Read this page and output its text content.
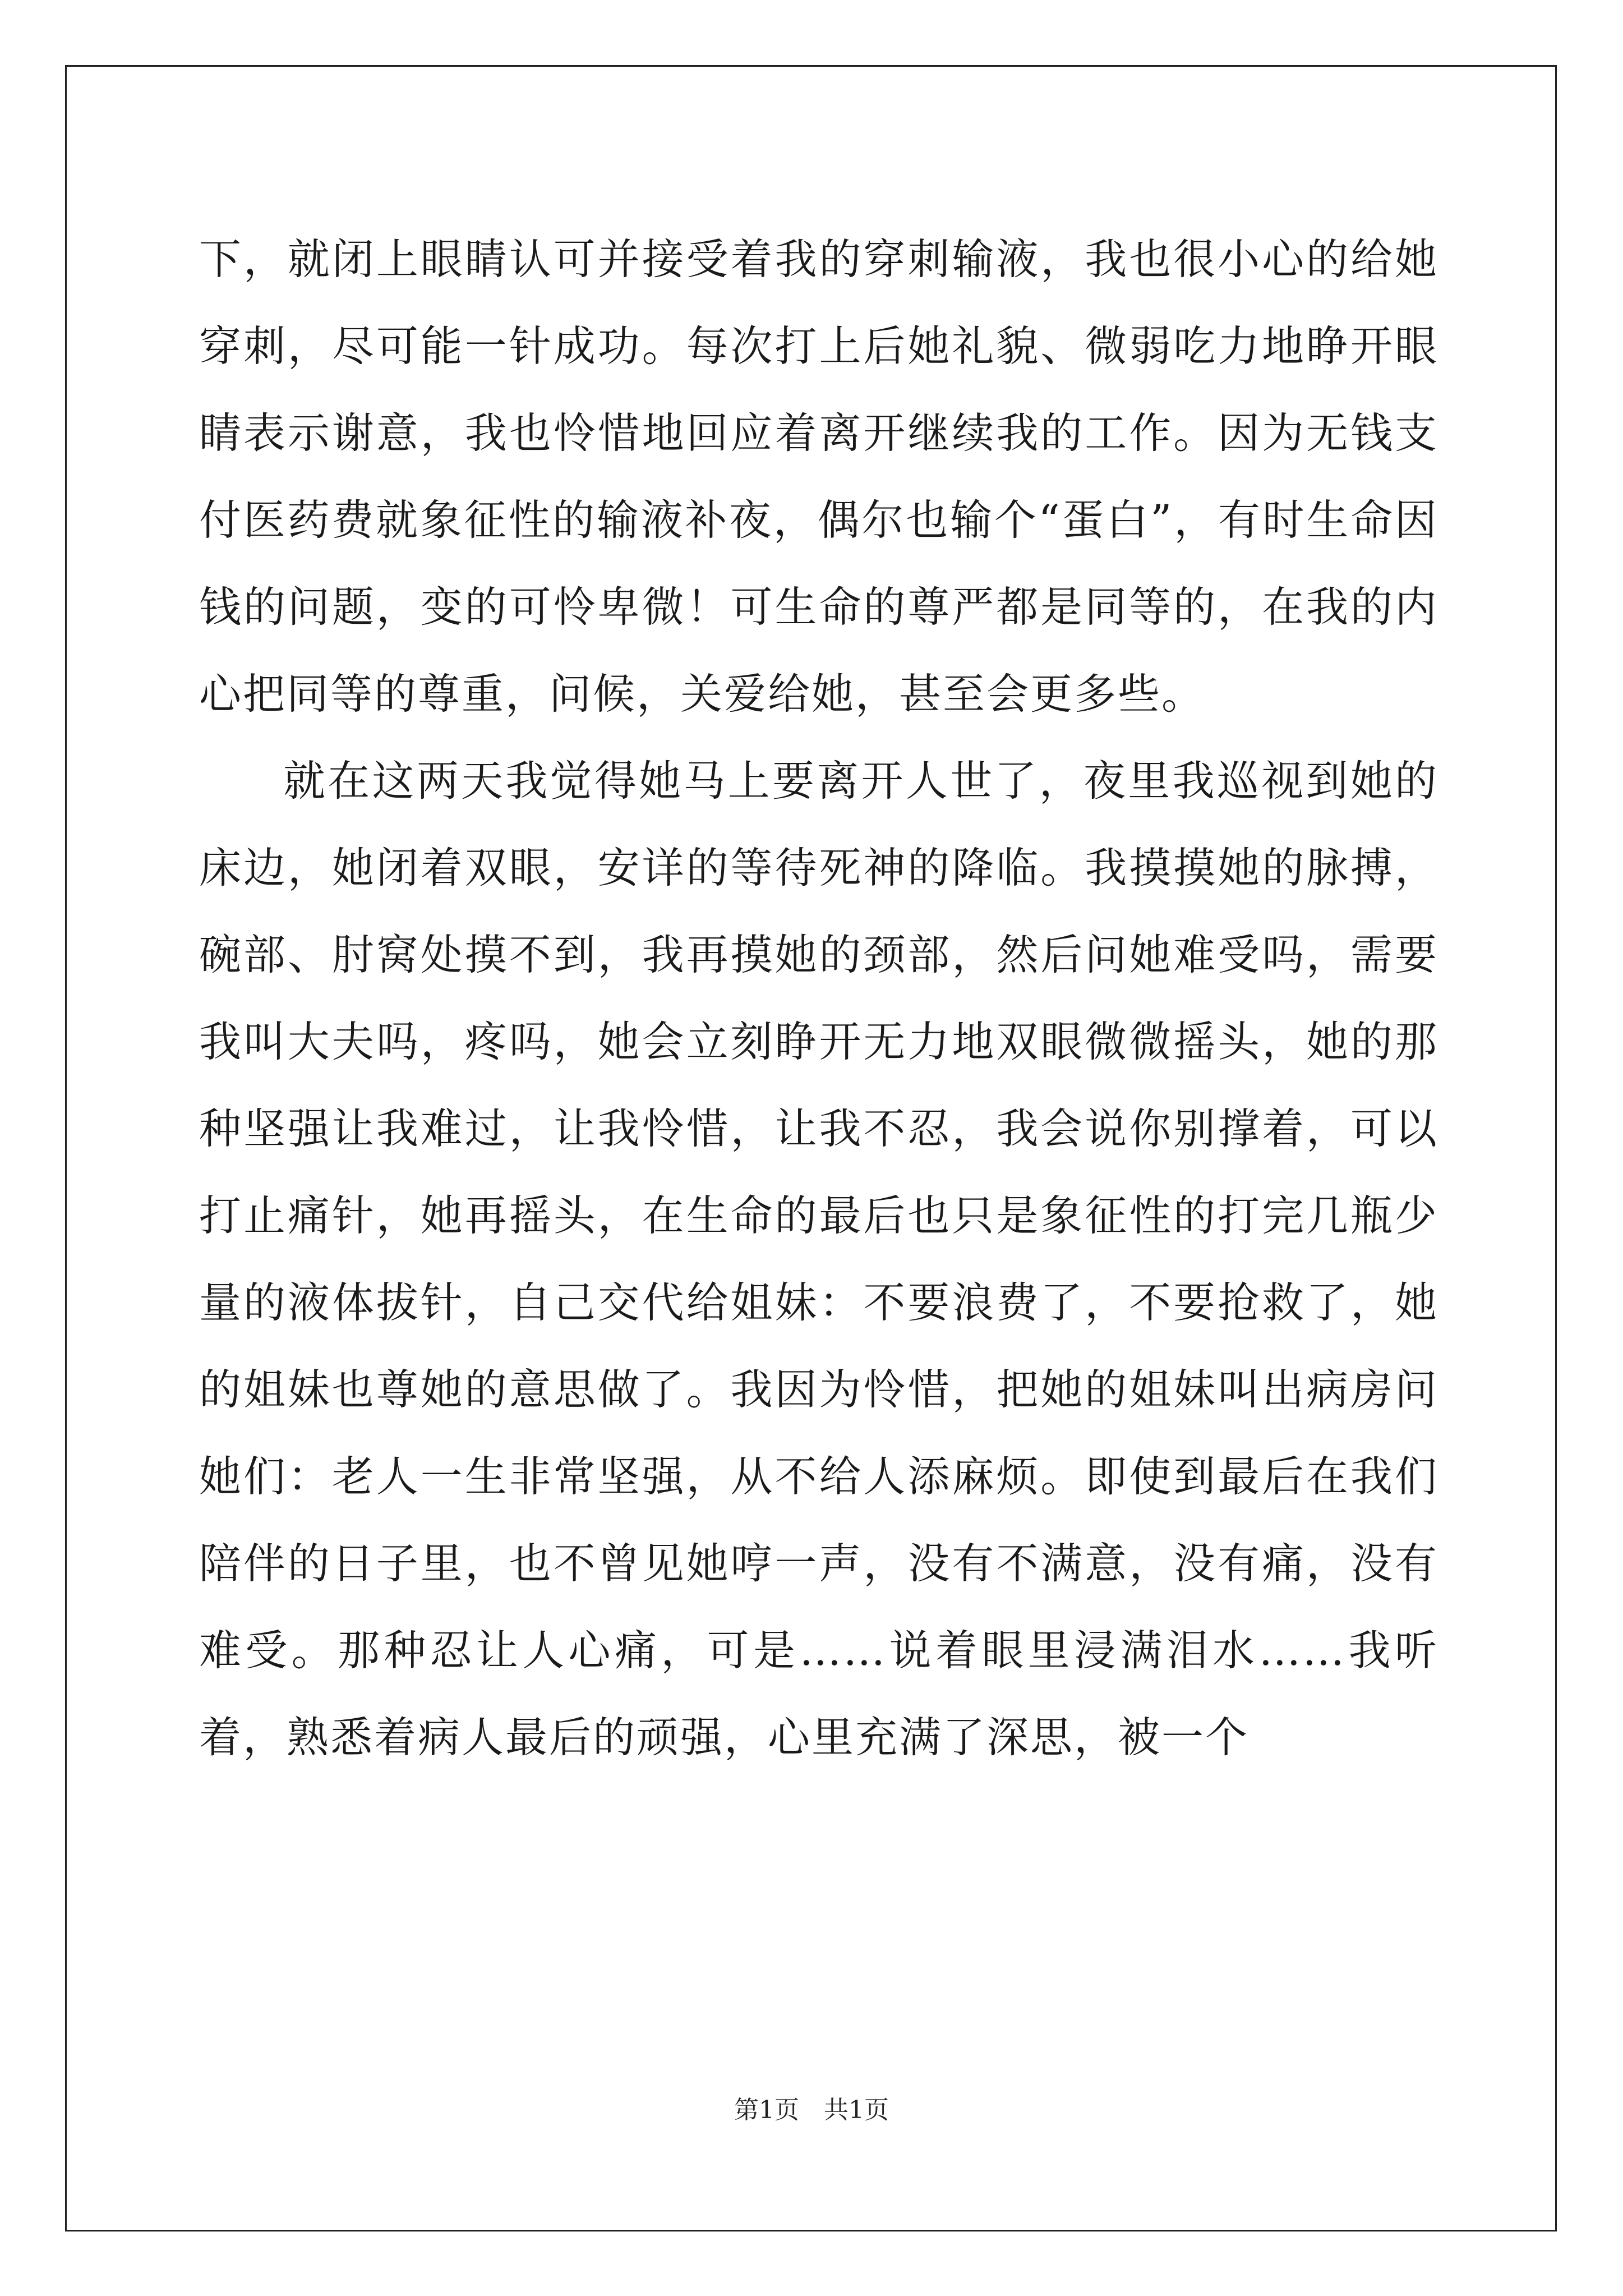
下，就闭上眼睛认可并接受着我的穿刺输液，我也很小心的给她穿刺，尽可能一针成功。每次打上后她礼貌、微弱吃力地睁开眼睛表示谢意，我也怜惜地回应着离开继续我的工作。因为无钱支付医药费就象征性的输液补夜，偶尔也输个“蛋白”，有时生命因钱的问题，变的可怜卑微！可生命的尊严都是同等的，在我的内心把同等的尊重，问候，关爱给她，甚至会更多些。

就在这两天我觉得她马上要离开人世了，夜里我巡视到她的床边，她闭着双眼，安详的等待死神的降临。我摸摸她的脉搏，碗部、肘窝处摸不到，我再摸她的颈部，然后问她难受吗，需要我叫大夫吗，疼吗，她会立刻睁开无力地双眼微微摇头，她的那种坚强让我难过，让我怜惜，让我不忍，我会说你别撑着，可以打止痛针，她再摇头，在生命的最后也只是象征性的打完几瓶少量的液体拔针，自己交代给姐妹：不要浪费了，不要抢救了，她的姐妹也尊她的意思做了。我因为怜惜，把她的姐妹叫出病房问她们：老人一生非常坚强，从不给人添麻烦。即使到最后在我们陪伴的日子里，也不曾见她哼一声，没有不满意，没有痛，没有难受。那种忍让人心痛，可是……说着眼里浸满泪水……我听着，熟悉着病人最后的顽强，心里充满了深思，被一个

第1页　共1页
